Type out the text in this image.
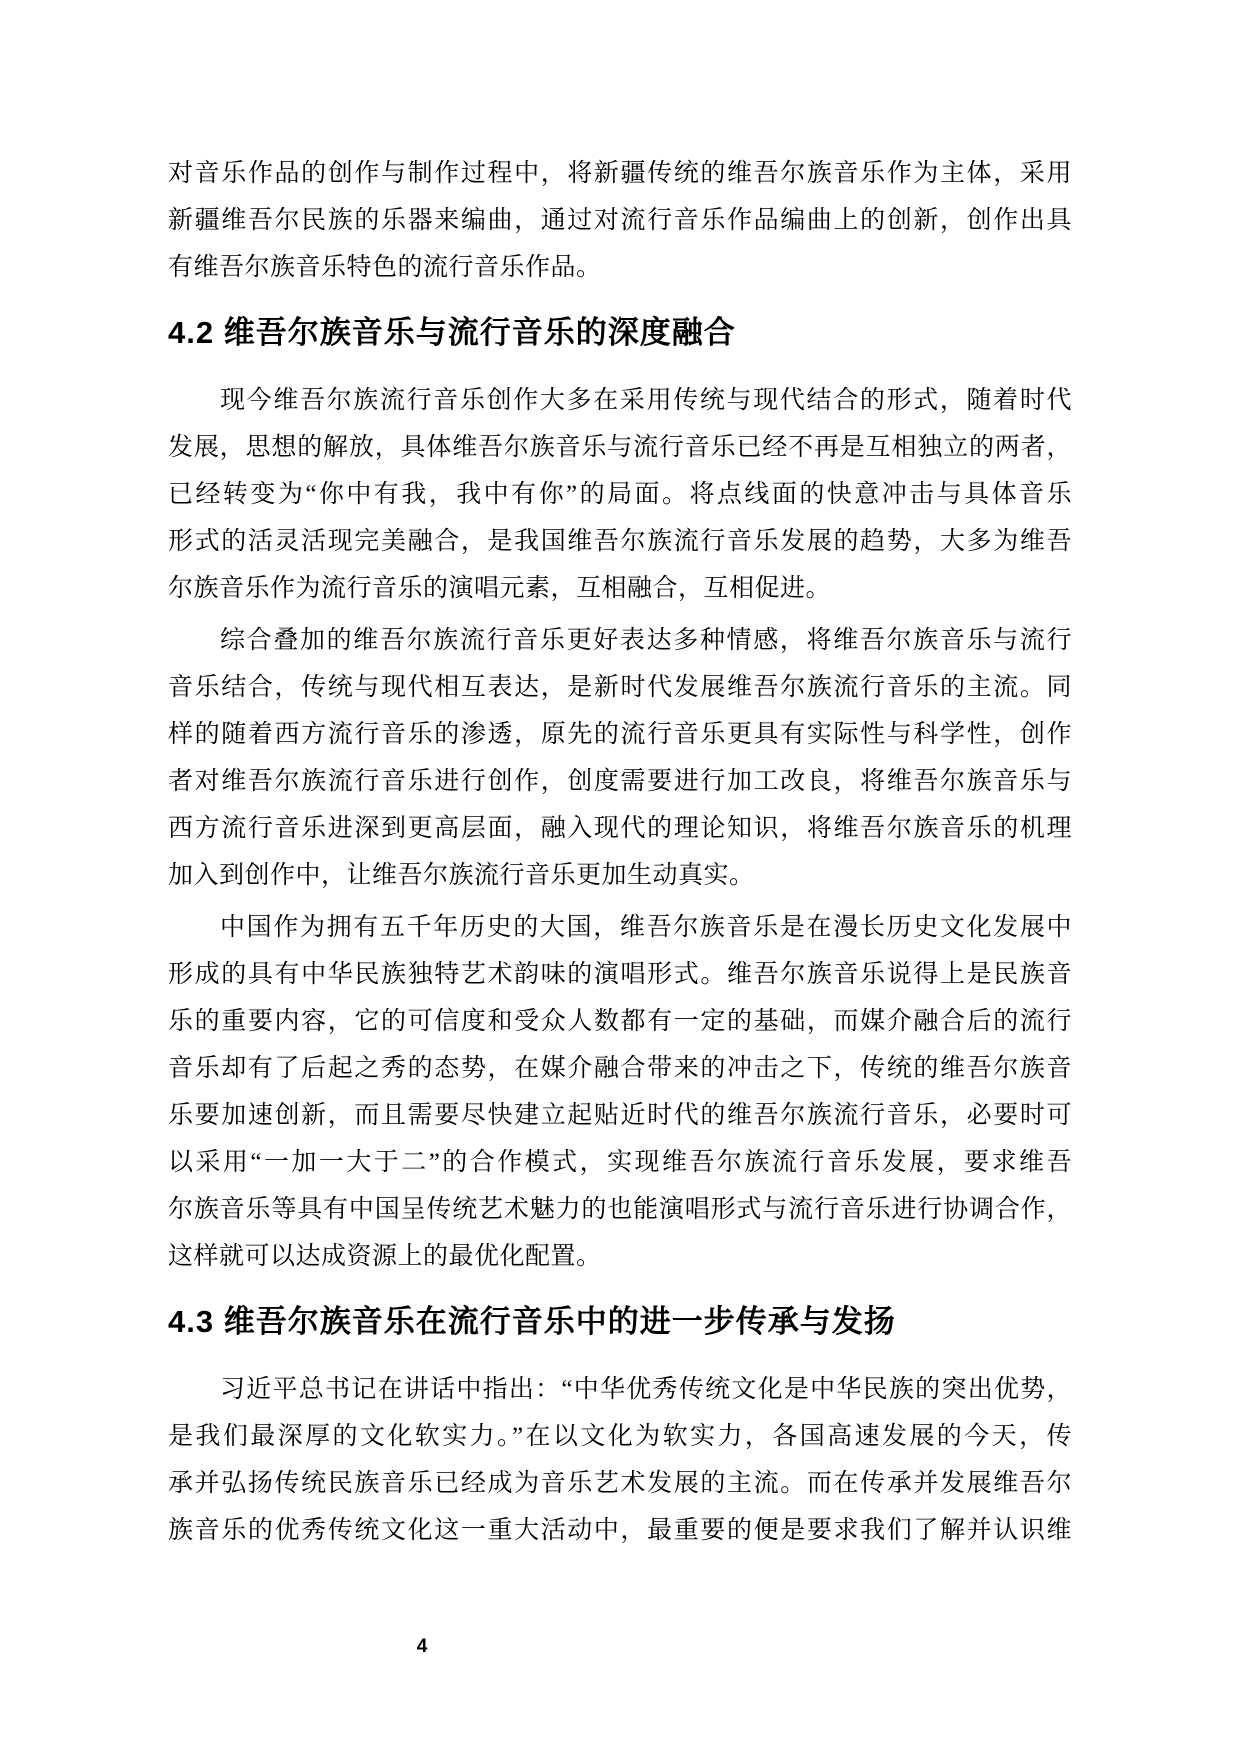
对音乐作品的创作与制作过程中，将新疆传统的维吾尔族音乐作为主体，采用
新疆维吾尔民族的乐器来编曲，通过对流行音乐作品编曲上的创新，创作出具
有维吾尔族音乐特色的流行音乐作品。
4.2 维吾尔族音乐与流行音乐的深度融合
现今维吾尔族流行音乐创作大多在采用传统与现代结合的形式，随着时代
发展，思想的解放，具体维吾尔族音乐与流行音乐已经不再是互相独立的两者，
已经转变为“你中有我，我中有你”的局面。将点线面的快意冲击与具体音乐
形式的活灵活现完美融合，是我国维吾尔族流行音乐发展的趋势，大多为维吾
尔族音乐作为流行音乐的演唱元素，互相融合，互相促进。
综合叠加的维吾尔族流行音乐更好表达多种情感，将维吾尔族音乐与流行
音乐结合，传统与现代相互表达，是新时代发展维吾尔族流行音乐的主流。同
样的随着西方流行音乐的渗透，原先的流行音乐更具有实际性与科学性，创作
者对维吾尔族流行音乐进行创作，创度需要进行加工改良，将维吾尔族音乐与
西方流行音乐进深到更高层面，融入现代的理论知识，将维吾尔族音乐的机理
加入到创作中，让维吾尔族流行音乐更加生动真实。
中国作为拥有五千年历史的大国，维吾尔族音乐是在漫长历史文化发展中
形成的具有中华民族独特艺术韵味的演唱形式。维吾尔族音乐说得上是民族音
乐的重要内容，它的可信度和受众人数都有一定的基础，而媒介融合后的流行
音乐却有了后起之秀的态势，在媒介融合带来的冲击之下，传统的维吾尔族音
乐要加速创新，而且需要尽快建立起贴近时代的维吾尔族流行音乐，必要时可
以采用“一加一大于二”的合作模式，实现维吾尔族流行音乐发展，要求维吾
尔族音乐等具有中国呈传统艺术魅力的也能演唱形式与流行音乐进行协调合作，
这样就可以达成资源上的最优化配置。
4.3 维吾尔族音乐在流行音乐中的进一步传承与发扬
习近平总书记在讲话中指出：“中华优秀传统文化是中华民族的突出优势，
是我们最深厚的文化软实力。”在以文化为软实力，各国高速发展的今天，传
承并弘扬传统民族音乐已经成为音乐艺术发展的主流。而在传承并发展维吾尔
族音乐的优秀传统文化这一重大活动中，最重要的便是要求我们了解并认识维
4
